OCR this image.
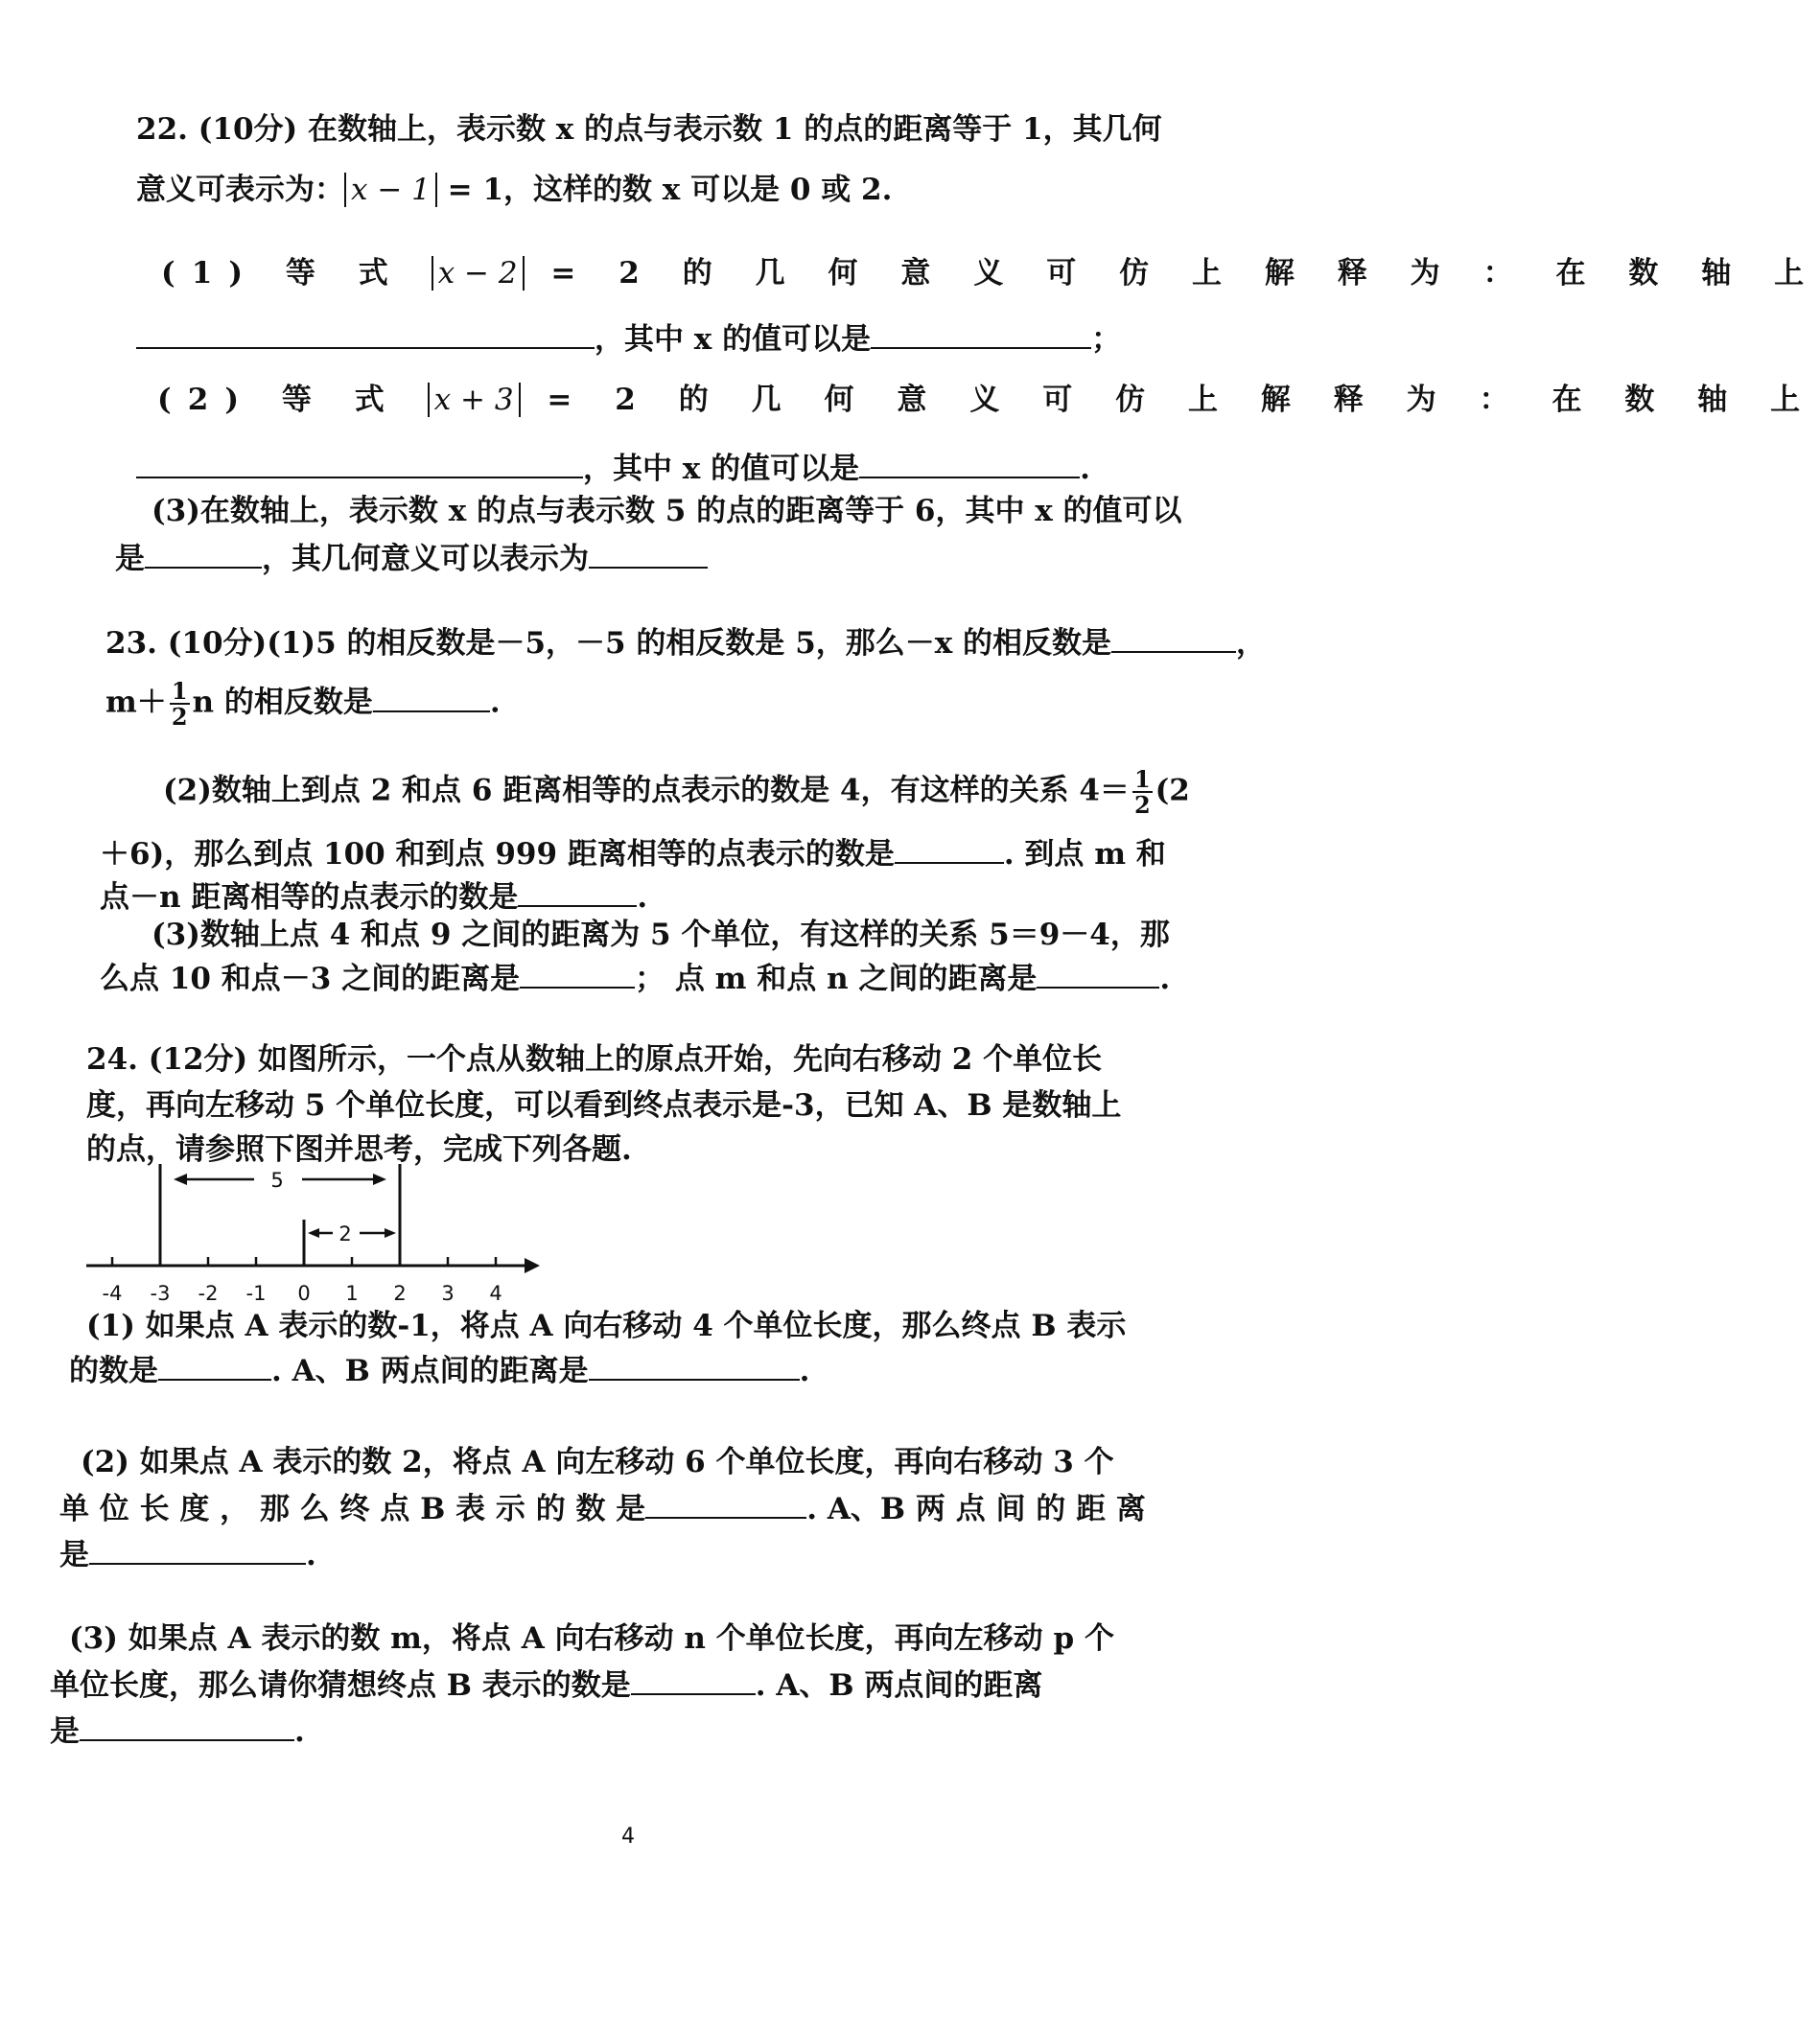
22. (10分) 在数轴上，表示数 x 的点与表示数 1 的点的距离等于 1，其几何
意义可表示为： x − 1 = 1，这样的数 x 可以是 0 或 2.
(1) 等 式 x − 2 = 2 的 几 何 意 义 可 仿 上 解 释 为 ： 在 数 轴 上
，其中 x 的值可以是	；
(2) 等 式 x + 3 = 2 的 几 何 意 义 可 仿 上 解 释 为 ： 在 数 轴 上
，其中 x 的值可以是	.
(3)在数轴上，表示数 x 的点与表示数 5 的点的距离等于 6，其中 x 的值可以
是	，其几何意义可以表示为
23. (10分)(1)5 的相反数是－5，－5 的相反数是 5，那么－x 的相反数是	，
$m+ \frac{1}{2}$ n 的相反数是	.
(2)数轴上到点 2 和点 6 距离相等的点表示的数是 4，有这样的关系 $4= \frac{1}{2} (2$
＋6)，那么到点 100 和到点 999 距离相等的点表示的数是	. 到点 m 和
点－n 距离相等的点表示的数是	.
(3)数轴上点 4 和点 9 之间的距离为 5 个单位，有这样的关系 5＝9－4，那
么点 10 和点－3 之间的距离是	； 点 m 和点 n 之间的距离是	.
24. (12分) 如图所示，一个点从数轴上的原点开始，先向右移动 2 个单位长
度，再向左移动 5 个单位长度，可以看到终点表示是-3，已知 A、B 是数轴上
的点，请参照下图并思考，完成下列各题.
-4 -3 -2 -1 0 1 2 3 4
5
2
(1) 如果点 A 表示的数-1，将点 A 向右移动 4 个单位长度，那么终点 B 表示
的数是	. A、B 两点间的距离是	.
(2) 如果点 A 表示的数 2，将点 A 向左移动 6 个单位长度，再向右移动 3 个
单 位 长 度 ， 那 么 终 点 B 表 示 的 数 是	. A、B 两 点 间 的 距 离
是	.
(3) 如果点 A 表示的数 m，将点 A 向右移动 n 个单位长度，再向左移动 p 个
单位长度，那么请你猜想终点 B 表示的数是	. A、B 两点间的距离
是	.
4
